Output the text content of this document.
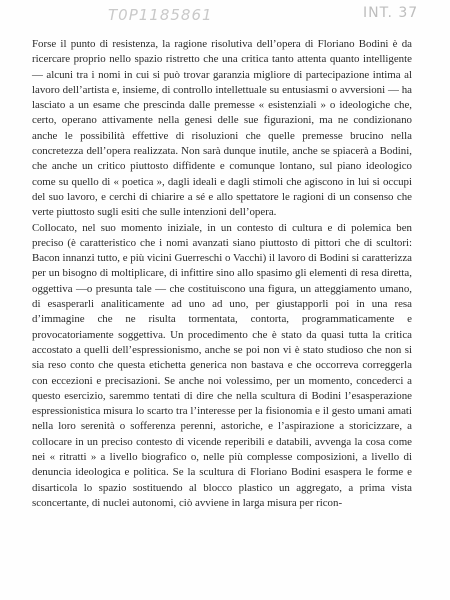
T0P1185861	INT. 37

Forse il punto di resistenza, la ragione risolutiva dell’opera di Floriano Bodini è da ricercare proprio nello spazio ristretto che una critica tanto attenta quanto intelligente — alcuni tra i nomi in cui si può trovar garanzia migliore di partecipazione intima al lavoro dell’artista e, insieme, di controllo intellettuale su entusiasmi o avversioni — ha lasciato a un esame che prescinda dalle premesse « esistenziali » o ideologiche che, certo, operano attivamente nella genesi delle sue figurazioni, ma ne condizionano anche le possibilità effettive di risoluzioni che quelle premesse brucino nella concretezza dell’opera realizzata. Non sarà dunque inutile, anche se spiacerà a Bodini, che anche un critico piuttosto diffidente e comunque lontano, sul piano ideologico come su quello di « poetica », dagli ideali e dagli stimoli che agiscono in lui si occupi del suo lavoro, e cerchi di chiarire a sé e allo spettatore le ragioni di un consenso che verte piuttosto sugli esiti che sulle intenzioni dell’opera.

Collocato, nel suo momento iniziale, in un contesto di cultura e di polemica ben preciso (è caratteristico che i nomi avanzati siano piuttosto di pittori che di scultori: Bacon innanzi tutto, e più vicini Guerreschi o Vacchi) il lavoro di Bodini si caratterizza per un bisogno di moltiplicare, di infittire sino allo spasimo gli elementi di resa diretta, oggettiva —o presunta tale — che costituiscono una figura, un atteggiamento umano, di esasperarli analiticamente ad uno ad uno, per giustapporli poi in una resa d’immagine che ne risulta tormentata, contorta, programmaticamente e provocatoriamente soggettiva. Un procedimento che è stato da quasi tutta la critica accostato a quelli dell’espressionismo, anche se poi non vi è stato studioso che non si sia reso conto che questa etichetta generica non bastava e che occorreva correggerla con eccezioni e precisazioni. Se anche noi volessimo, per un momento, concederci a questo esercizio, saremmo tentati di dire che nella scultura di Bodini l’esasperazione espressionistica misura lo scarto tra l’interesse per la fisionomia e il gesto umani amati nella loro serenità o sofferenza perenni, astoriche, e l’aspirazione a storicizzare, a collocare in un preciso contesto di vicende reperibili e databili, avvenga la cosa come nei « ritratti » a livello biografico o, nelle più complesse composizioni, a livello di denuncia ideologica e politica. Se la scultura di Floriano Bodini esaspera le forme e disarticola lo spazio sostituendo al blocco plastico un aggregato, a prima vista sconcertante, di nuclei autonomi, ciò avviene in larga misura per ricon-
